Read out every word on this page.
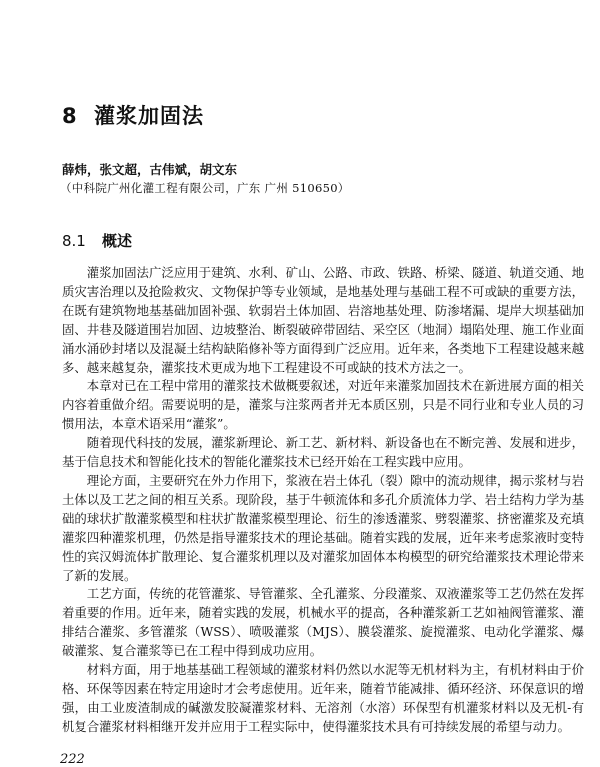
8 灌浆加固法
薛炜，张文超，古伟斌，胡文东
（中科院广州化灌工程有限公司，广东 广州 510650）
8.1 概述

灌浆加固法广泛应用于建筑、水利、矿山、公路、市政、铁路、桥梁、隧道、轨道交通、地质灾害治理以及抢险救灾、文物保护等专业领域，是地基处理与基础工程不可或缺的重要方法，在既有建筑物地基基础加固补强、软弱岩土体加固、岩溶地基处理、防渗堵漏、堤岸大坝基础加固、井巷及隧道围岩加固、边坡整治、断裂破碎带固结、采空区（地洞）塌陷处理、施工作业面涌水涌砂封堵以及混凝土结构缺陷修补等方面得到广泛应用。近年来，各类地下工程建设越来越多、越来越复杂，灌浆技术更成为地下工程建设不可或缺的技术方法之一。

本章对已在工程中常用的灌浆技术做概要叙述，对近年来灌浆加固技术在新进展方面的相关内容着重做介绍。需要说明的是，灌浆与注浆两者并无本质区别，只是不同行业和专业人员的习惯用法，本章术语采用“灌浆”。

随着现代科技的发展，灌浆新理论、新工艺、新材料、新设备也在不断完善、发展和进步，基于信息技术和智能化技术的智能化灌浆技术已经开始在工程实践中应用。

理论方面，主要研究在外力作用下，浆液在岩土体孔（裂）隙中的流动规律，揭示浆材与岩土体以及工艺之间的相互关系。现阶段，基于牛顿流体和多孔介质流体力学、岩土结构力学为基础的球状扩散灌浆模型和柱状扩散灌浆模型理论、衍生的渗透灌浆、劈裂灌浆、挤密灌浆及充填灌浆四种灌浆机理，仍然是指导灌浆技术的理论基础。随着实践的发展，近年来考虑浆液时变特性的宾汉姆流体扩散理论、复合灌浆机理以及对灌浆加固体本构模型的研究给灌浆技术理论带来了新的发展。

工艺方面，传统的花管灌浆、导管灌浆、全孔灌浆、分段灌浆、双液灌浆等工艺仍然在发挥着重要的作用。近年来，随着实践的发展，机械水平的提高，各种灌浆新工艺如袖阀管灌浆、灌排结合灌浆、多管灌浆（WSS）、喷吸灌浆（MJS）、膜袋灌浆、旋搅灌浆、电动化学灌浆、爆破灌浆、复合灌浆等已在工程中得到成功应用。

材料方面，用于地基基础工程领域的灌浆材料仍然以水泥等无机材料为主，有机材料由于价格、环保等因素在特定用途时才会考虑使用。近年来，随着节能减排、循环经济、环保意识的增强，由工业废渣制成的碱激发胶凝灌浆材料、无溶剂（水溶）环保型有机灌浆材料以及无机-有机复合灌浆材料相继开发并应用于工程实际中，使得灌浆技术具有可持续发展的希望与动力。

222
